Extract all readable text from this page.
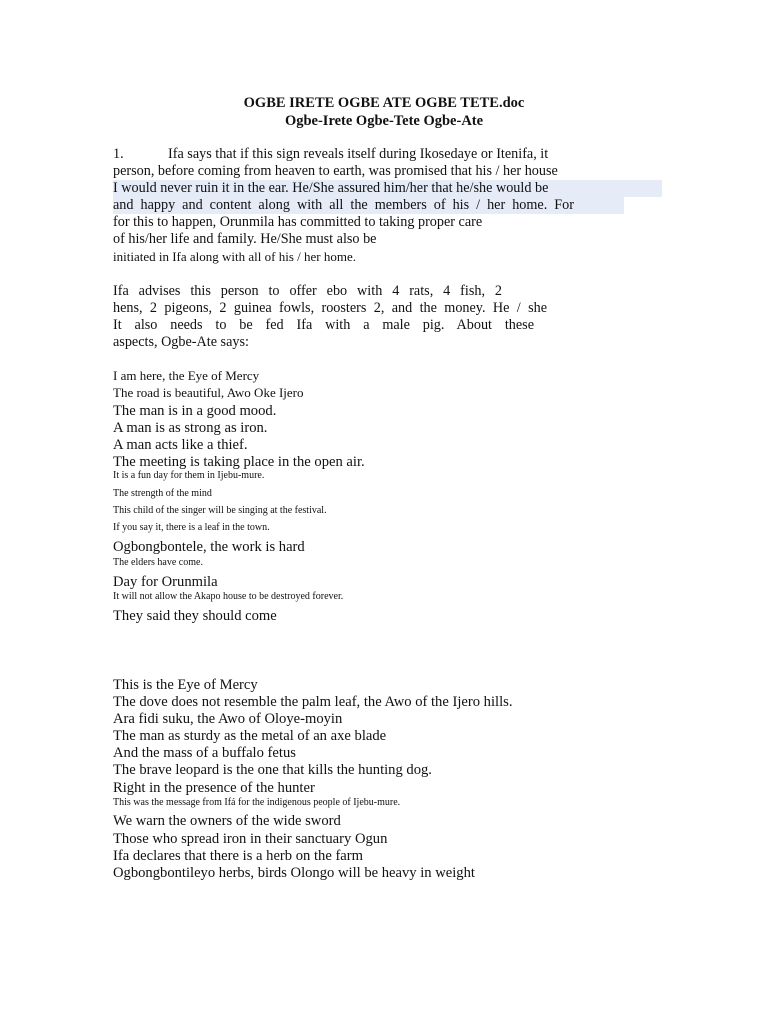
OGBE IRETE OGBE ATE OGBE TETE.doc

Ogbe-Irete Ogbe-Tete Ogbe-Ate

1.	Ifa says that if this sign reveals itself during Ikosedaye or Itenifa, it

person, before coming from heaven to earth, was promised that his / her house

I would never ruin it in the ear. He/She assured him/her that he/she would be

and happy and content along with all the members of his / her home. For

for this to happen, Orunmila has committed to taking proper care

of his/her life and family. He/She must also be

initiated in Ifa along with all of his / her home.

Ifa advises this person to offer ebo with 4 rats, 4 fish, 2

hens, 2 pigeons, 2 guinea fowls, roosters 2, and the money. He / she

It also needs to be fed Ifa with a male pig. About these

aspects, Ogbe-Ate says:

I am here, the Eye of Mercy

The road is beautiful, Awo Oke Ijero

The man is in a good mood.

A man is as strong as iron.

A man acts like a thief.

The meeting is taking place in the open air.

It is a fun day for them in Ijebu-mure.

The strength of the mind

This child of the singer will be singing at the festival.

If you say it, there is a leaf in the town.

Ogbongbontele, the work is hard

The elders have come.

Day for Orunmila

It will not allow the Akapo house to be destroyed forever.

They said they should come

This is the Eye of Mercy

The dove does not resemble the palm leaf, the Awo of the Ijero hills.

Ara fidi suku, the Awo of Oloye-moyin

The man as sturdy as the metal of an axe blade

And the mass of a buffalo fetus

The brave leopard is the one that kills the hunting dog.

Right in the presence of the hunter

This was the message from Ifá for the indigenous people of Ijebu-mure.

We warn the owners of the wide sword

Those who spread iron in their sanctuary Ogun

Ifa declares that there is a herb on the farm

Ogbongbontileyo herbs, birds Olongo will be heavy in weight
